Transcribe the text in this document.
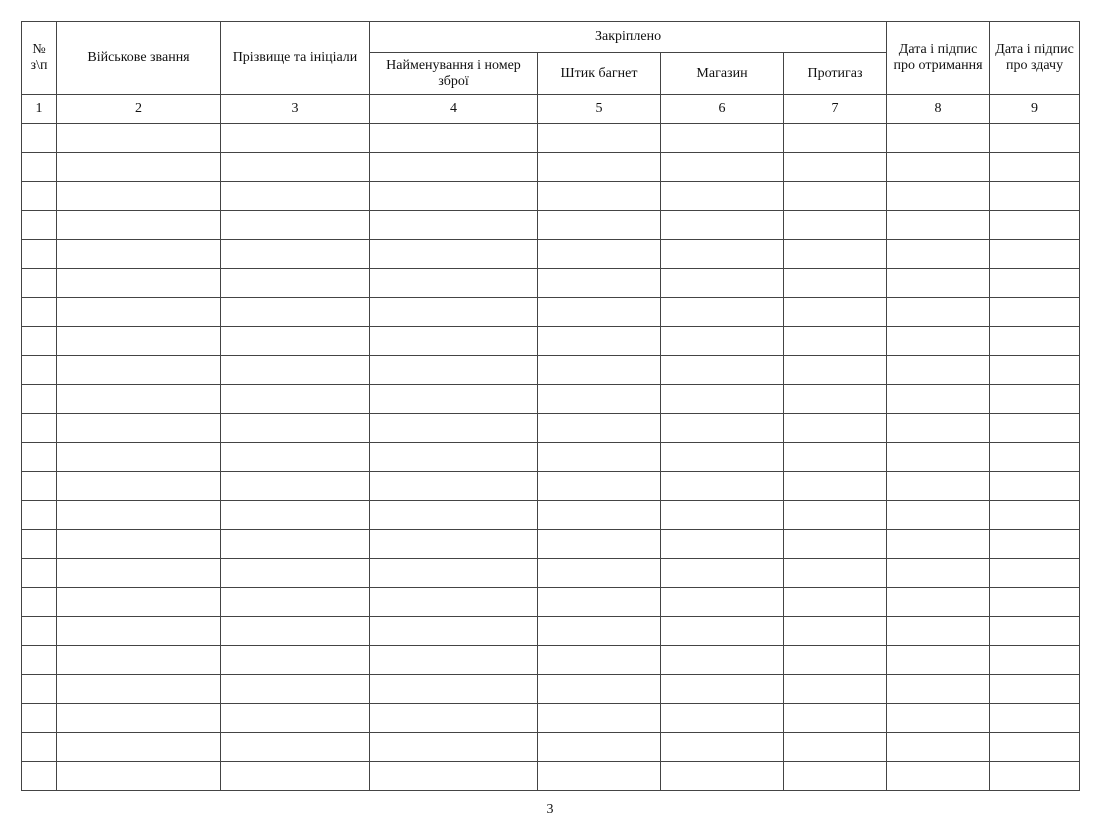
№ з\п	Військове звання	Прізвище та ініціали	Закріплено				Дата і підпис про отримання	Дата і підпис про здачу
			Найменування і номер зброї	Штик багнет	Магазин	Протигаз		
1	2	3	4	5	6	7	8	9

3
